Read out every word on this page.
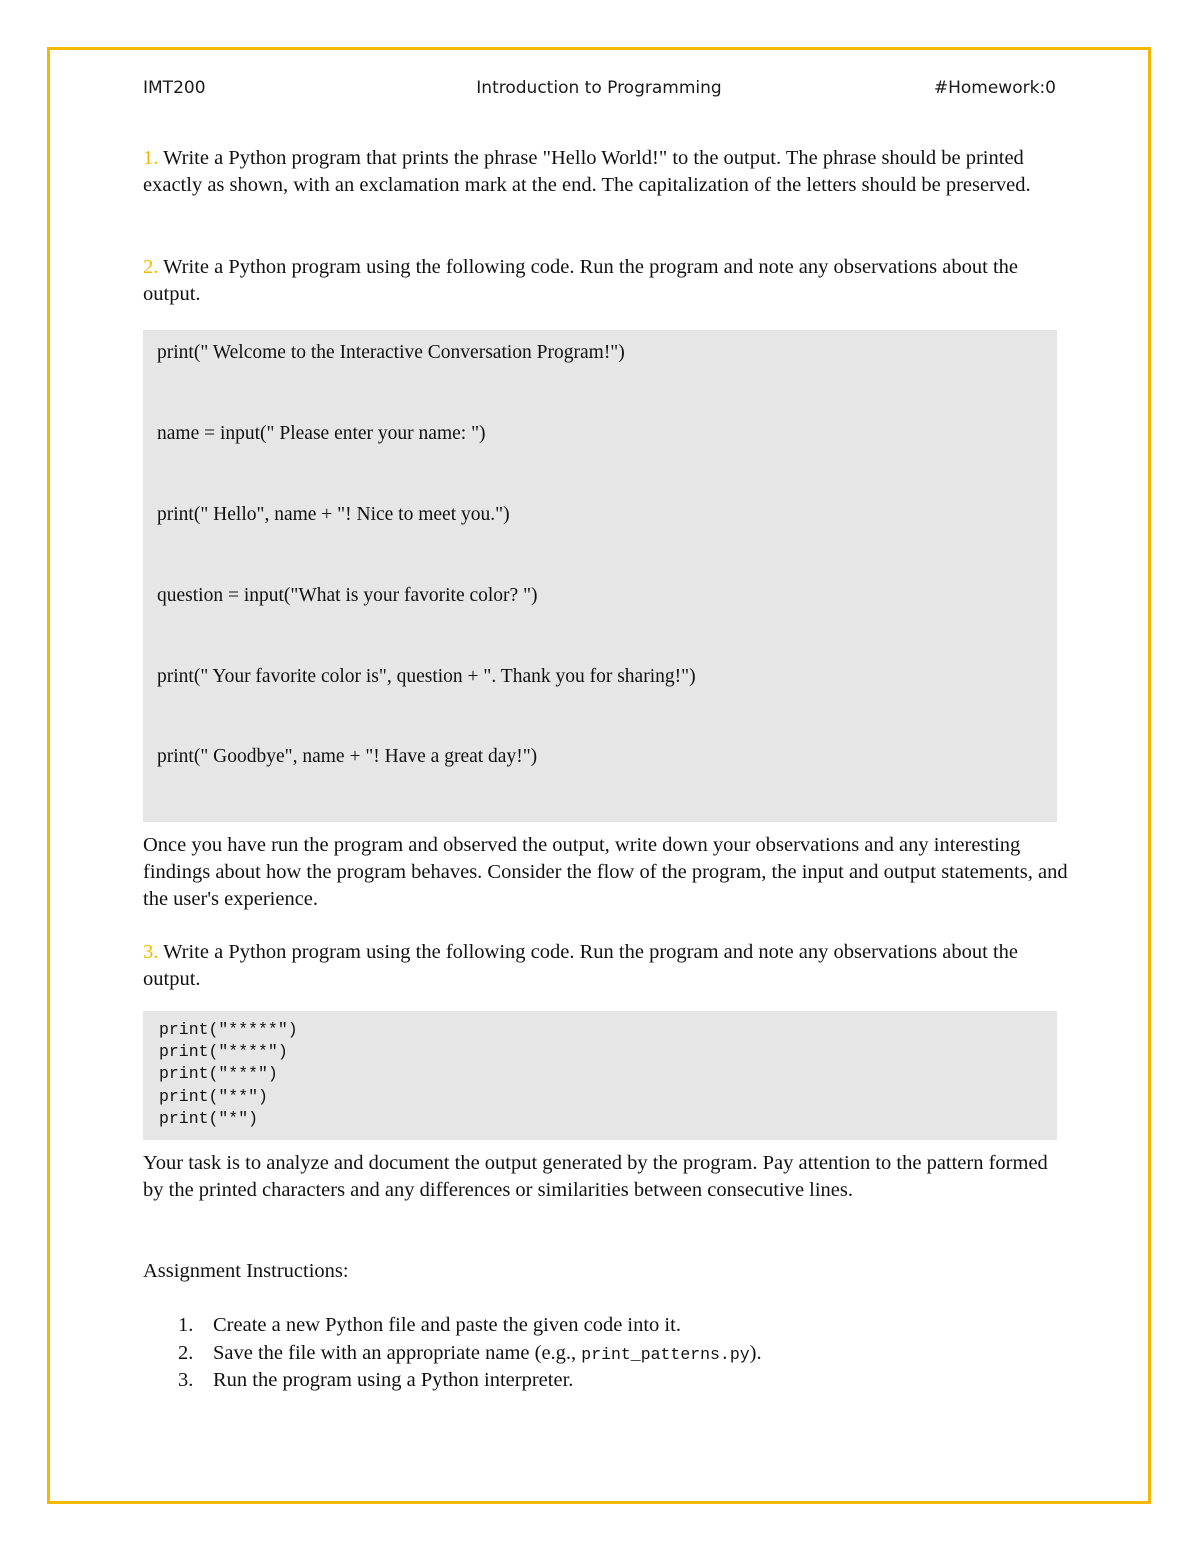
IMT200	Introduction to Programming	#Homework:0

1. Write a Python program that prints the phrase "Hello World!" to the output. The phrase should be printed exactly as shown, with an exclamation mark at the end. The capitalization of the letters should be preserved.

2. Write a Python program using the following code. Run the program and note any observations about the output.

print(" Welcome to the Interactive Conversation Program!")

name = input(" Please enter your name: ")

print(" Hello", name + "! Nice to meet you.")

question = input("What is your favorite color? ")

print(" Your favorite color is", question + ". Thank you for sharing!")

print(" Goodbye", name + "! Have a great day!")

Once you have run the program and observed the output, write down your observations and any interesting findings about how the program behaves. Consider the flow of the program, the input and output statements, and the user's experience.

3. Write a Python program using the following code. Run the program and note any observations about the output.

print("*****")
print("****")
print("***")
print("**")
print("*")

Your task is to analyze and document the output generated by the program. Pay attention to the pattern formed by the printed characters and any differences or similarities between consecutive lines.

Assignment Instructions:

1. Create a new Python file and paste the given code into it.
2. Save the file with an appropriate name (e.g., print_patterns.py).
3. Run the program using a Python interpreter.
